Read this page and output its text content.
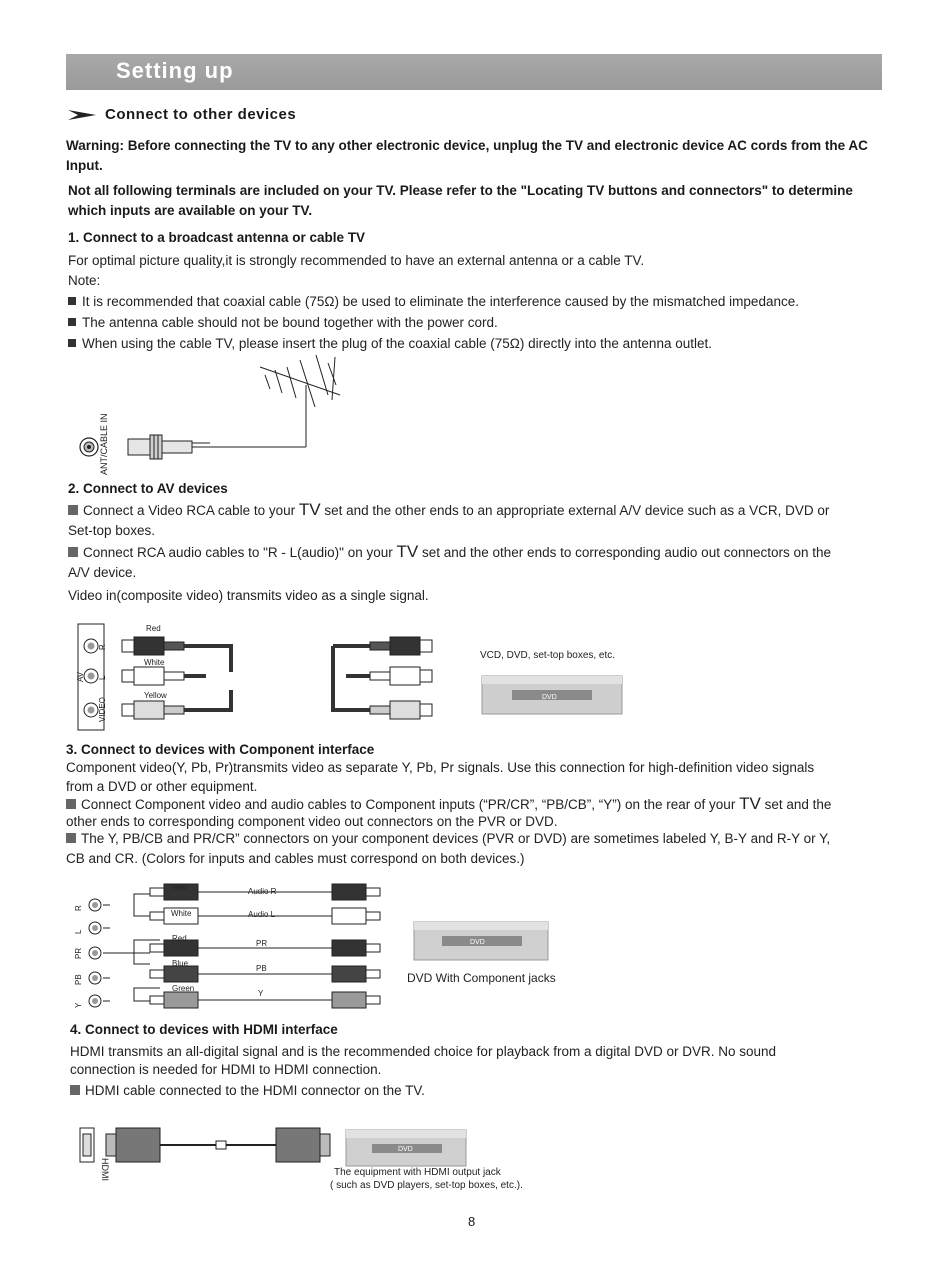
Setting up
Connect to other devices
Warning: Before connecting the TV to any other electronic device, unplug the TV and electronic device AC cords from the AC Input.
Not all following terminals are included on your TV. Please refer to the "Locating TV buttons and connectors" to determine which inputs are available on your TV.
1. Connect to a broadcast antenna or cable TV
For optimal picture quality,it is strongly recommended to have an external antenna or a cable TV.
Note:
It is recommended that coaxial cable (75Ω) be used to eliminate the interference caused by the mismatched impedance.
The antenna cable should not be bound together with the power cord.
When using the cable TV, please insert the plug of the coaxial cable (75Ω) directly into the antenna outlet.
ANT/CABLE IN
2. Connect to AV devices
Connect a Video RCA cable to your TV set and the other ends to an appropriate external A/V device such as a VCR, DVD or
Set-top boxes.
Connect RCA audio cables to "R - L(audio)" on your TV set and the other ends to corresponding audio out connectors on the
A/V device.
Video in(composite video) transmits video as a single signal.
R
L
VIDEO
AV
Red
White
Yellow	DVD
VCD, DVD, set-top boxes, etc.
3. Connect to devices with Component interface
Component video(Y, Pb, Pr)transmits video as separate Y, Pb, Pr signals. Use this connection for high-definition video signals
from a DVD or other equipment.
Connect Component video and audio cables to Component inputs (“PR/CR”, “PB/CB”, “Y”) on the rear of your TV set and the
other ends to corresponding component video out connectors on the PVR or DVD.
The Y, PB/CB and PR/CR” connectors on your component devices (PVR or DVD) are sometimes labeled Y, B-Y and R-Y or Y,
CB and CR. (Colors for inputs and cables must correspond on both devices.)
R
L
PR
PB
Y
Red
White
Red
Blue
Green
Audio R
Audio L
PR
PB
Y
DVD
DVD With Component jacks
4. Connect to devices with HDMI interface
HDMI transmits an all-digital signal and is the recommended choice for playback from a digital DVD or DVR. No sound
connection is needed for HDMI to HDMI connection.
HDMI cable connected to the HDMI connector on the TV.
HDMI
DVD
The equipment with HDMI output jack
( such as DVD players, set-top boxes, etc.).
8
